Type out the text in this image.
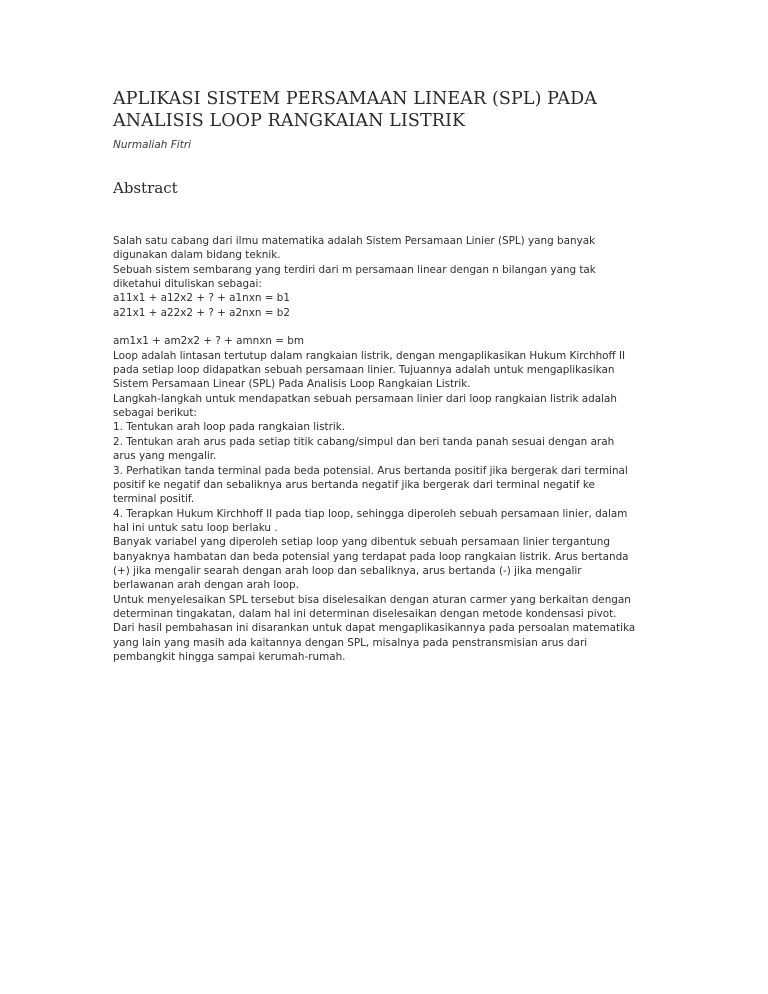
APLIKASI SISTEM PERSAMAAN LINEAR (SPL) PADA
ANALISIS LOOP RANGKAIAN LISTRIK
Nurmaliah Fitri
Abstract
Salah satu cabang dari ilmu matematika adalah Sistem Persamaan Linier (SPL) yang banyak
digunakan dalam bidang teknik.
Sebuah sistem sembarang yang terdiri dari m persamaan linear dengan n bilangan yang tak
diketahui dituliskan sebagai:
a11x1 + a12x2 + ? + a1nxn = b1
a21x1 + a22x2 + ? + a2nxn = b2
am1x1 + am2x2 + ? + amnxn = bm
Loop adalah lintasan tertutup dalam rangkaian listrik, dengan mengaplikasikan Hukum Kirchhoff II
pada setiap loop didapatkan sebuah persamaan linier. Tujuannya adalah untuk mengaplikasikan
Sistem Persamaan Linear (SPL) Pada Analisis Loop Rangkaian Listrik.
Langkah-langkah untuk mendapatkan sebuah persamaan linier dari loop rangkaian listrik adalah
sebagai berikut:
1. Tentukan arah loop pada rangkaian listrik.
2. Tentukan arah arus pada setiap titik cabang/simpul dan beri tanda panah sesuai dengan arah
arus yang mengalir.
3. Perhatikan tanda terminal pada beda potensial. Arus bertanda positif jika bergerak dari terminal
positif ke negatif dan sebaliknya arus bertanda negatif jika bergerak dari terminal negatif ke
terminal positif.
4. Terapkan Hukum Kirchhoff II pada tiap loop, sehingga diperoleh sebuah persamaan linier, dalam
hal ini untuk satu loop berlaku .
Banyak variabel yang diperoleh setiap loop yang dibentuk sebuah persamaan linier tergantung
banyaknya hambatan dan beda potensial yang terdapat pada loop rangkaian listrik. Arus bertanda
(+) jika mengalir searah dengan arah loop dan sebaliknya, arus bertanda (-) jika mengalir
berlawanan arah dengan arah loop.
Untuk menyelesaikan SPL tersebut bisa diselesaikan dengan aturan carmer yang berkaitan dengan
determinan tingakatan, dalam hal ini determinan diselesaikan dengan metode kondensasi pivot.
Dari hasil pembahasan ini disarankan untuk dapat mengaplikasikannya pada persoalan matematika
yang lain yang masih ada kaitannya dengan SPL, misalnya pada penstransmisian arus dari
pembangkit hingga sampai kerumah-rumah.
